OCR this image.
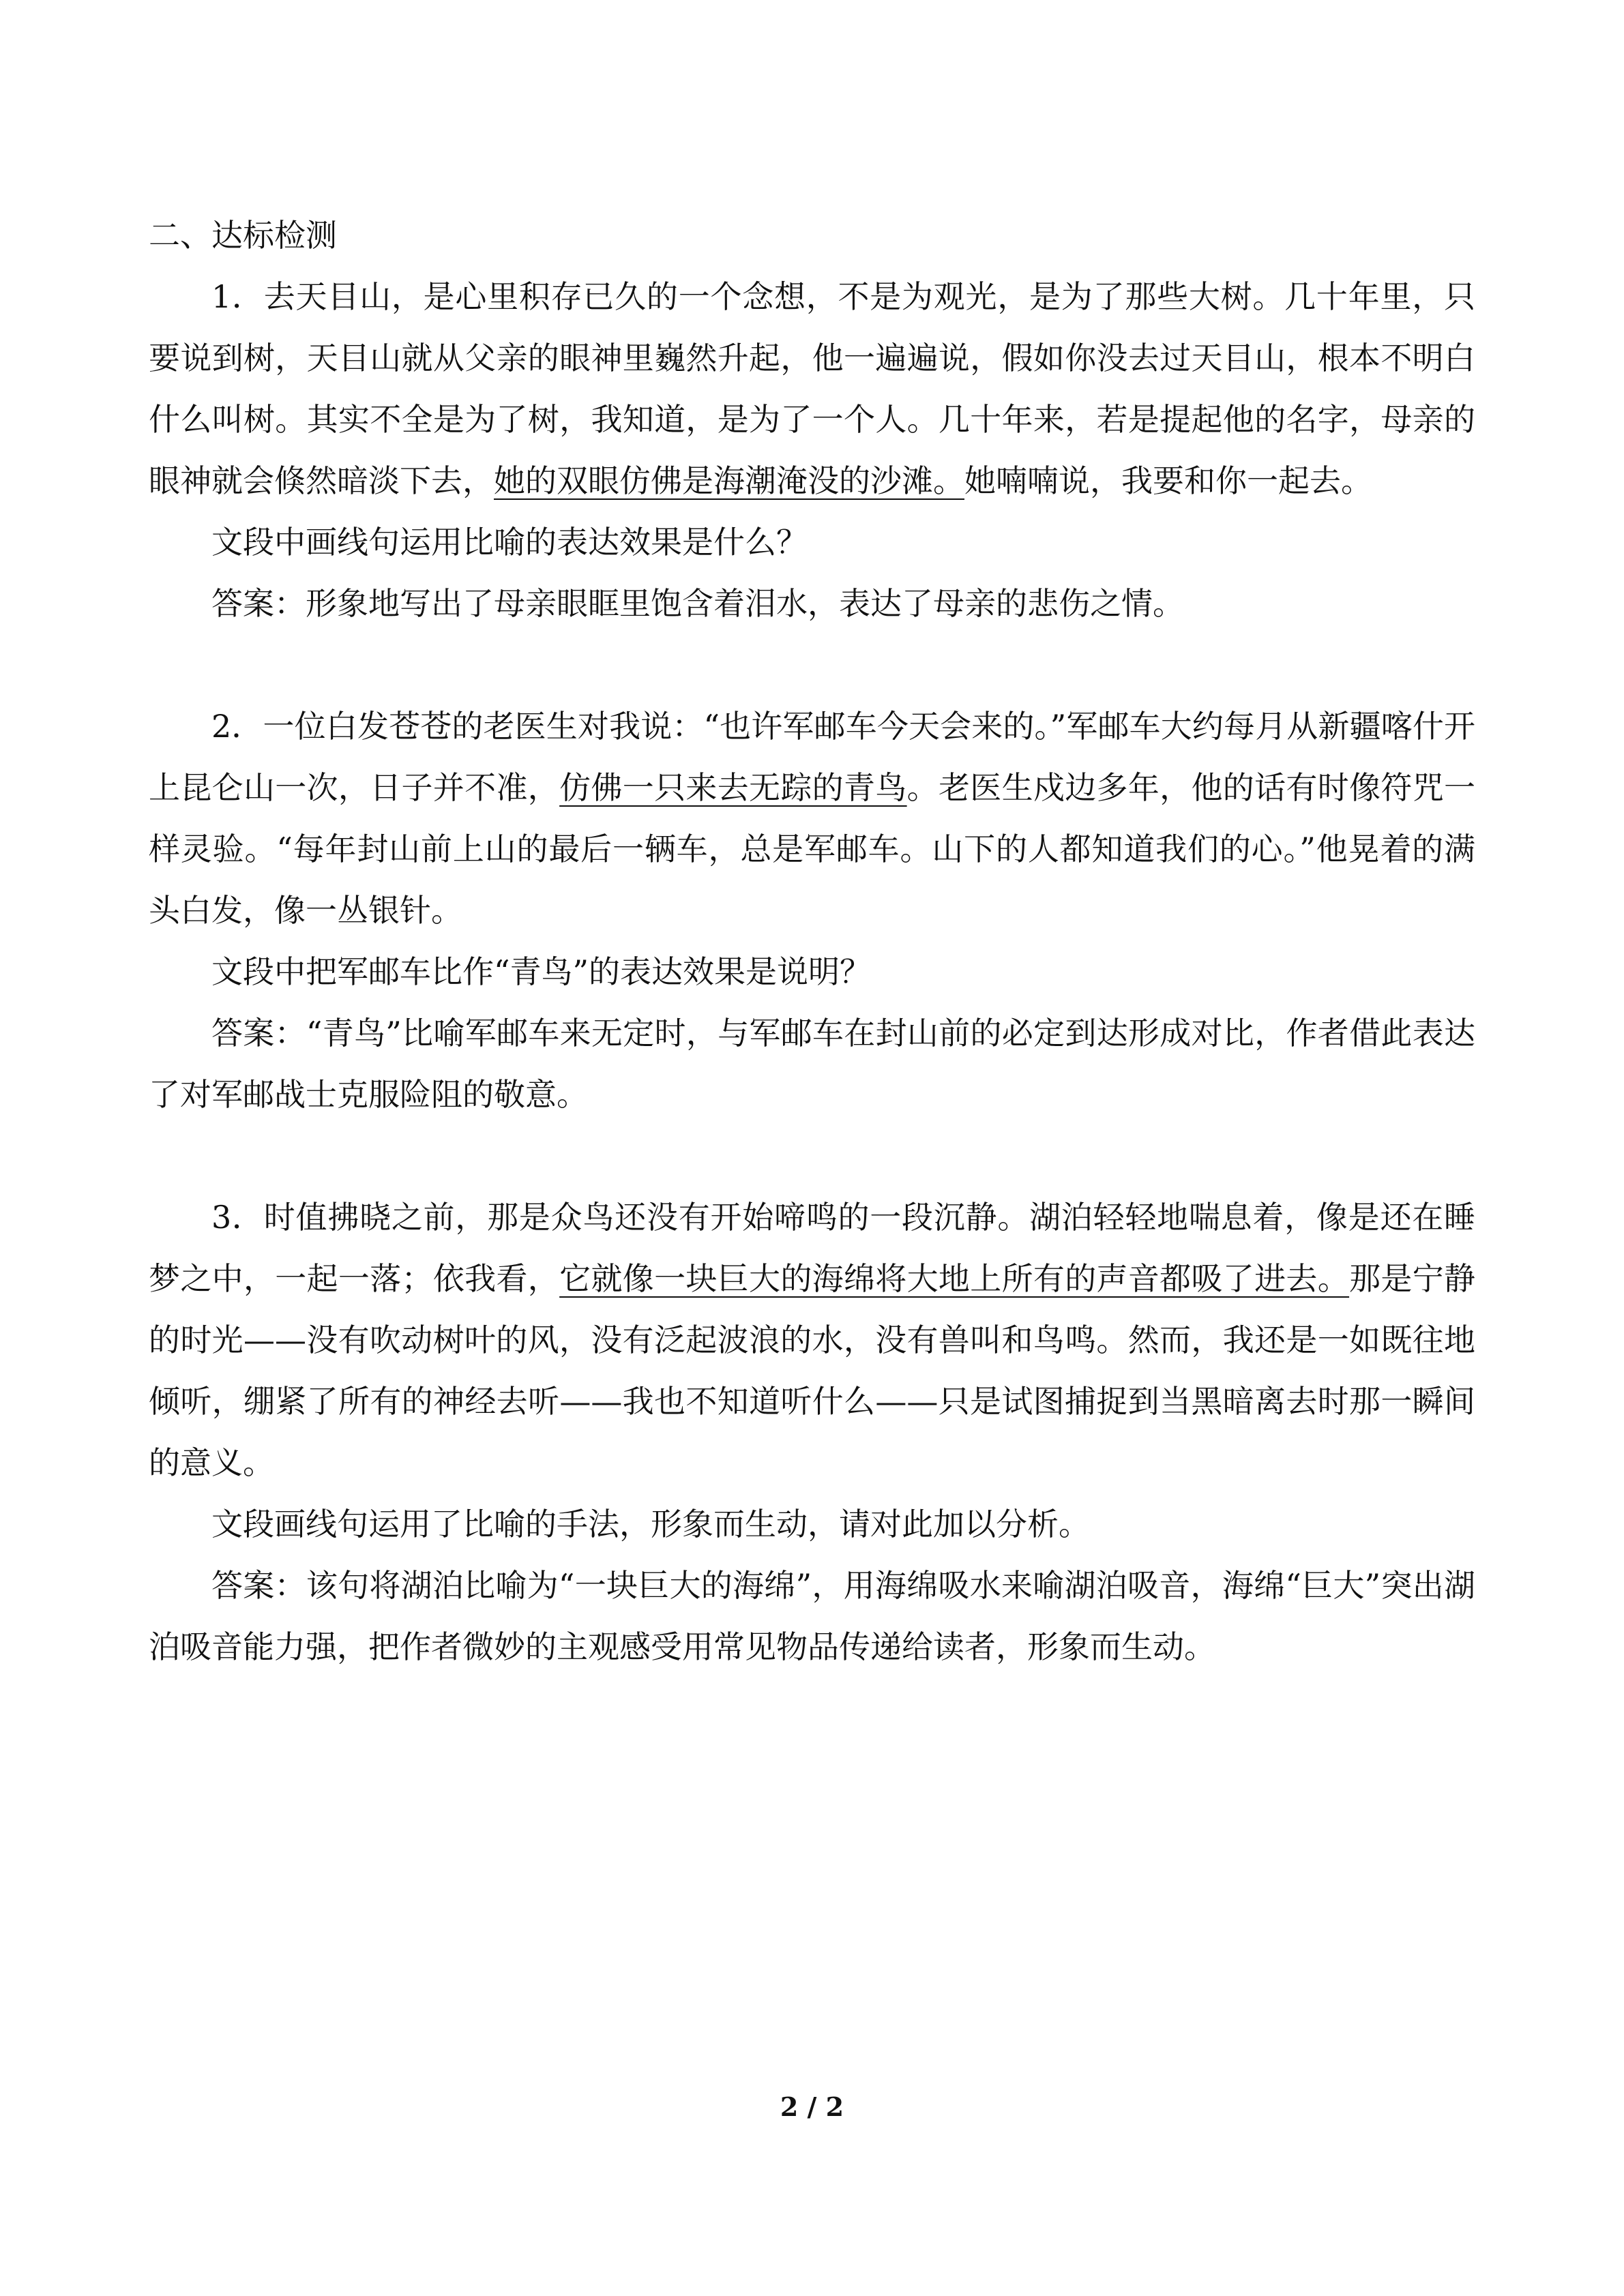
二、达标检测

1．去天目山，是心里积存已久的一个念想，不是为观光，是为了那些大树。几十年里，只要说到树，天目山就从父亲的眼神里巍然升起，他一遍遍说，假如你没去过天目山，根本不明白什么叫树。其实不全是为了树，我知道，是为了一个人。几十年来，若是提起他的名字，母亲的眼神就会倏然暗淡下去，她的双眼仿佛是海潮淹没的沙滩。她喃喃说，我要和你一起去。

文段中画线句运用比喻的表达效果是什么？

答案：形象地写出了母亲眼眶里饱含着泪水，表达了母亲的悲伤之情。

2．一位白发苍苍的老医生对我说：“也许军邮车今天会来的。”军邮车大约每月从新疆喀什开上昆仑山一次，日子并不准，仿佛一只来去无踪的青鸟。老医生戍边多年，他的话有时像符咒一样灵验。“每年封山前上山的最后一辆车，总是军邮车。山下的人都知道我们的心。”他晃着的满头白发，像一丛银针。

文段中把军邮车比作“青鸟”的表达效果是说明？

答案：“青鸟”比喻军邮车来无定时，与军邮车在封山前的必定到达形成对比，作者借此表达了对军邮战士克服险阻的敬意。

3．时值拂晓之前，那是众鸟还没有开始啼鸣的一段沉静。湖泊轻轻地喘息着，像是还在睡梦之中，一起一落；依我看，它就像一块巨大的海绵将大地上所有的声音都吸了进去。那是宁静的时光——没有吹动树叶的风，没有泛起波浪的水，没有兽叫和鸟鸣。然而，我还是一如既往地倾听，绷紧了所有的神经去听——我也不知道听什么——只是试图捕捉到当黑暗离去时那一瞬间的意义。

文段画线句运用了比喻的手法，形象而生动，请对此加以分析。

答案：该句将湖泊比喻为“一块巨大的海绵”，用海绵吸水来喻湖泊吸音，海绵“巨大”突出湖泊吸音能力强，把作者微妙的主观感受用常见物品传递给读者，形象而生动。

2 / 2
